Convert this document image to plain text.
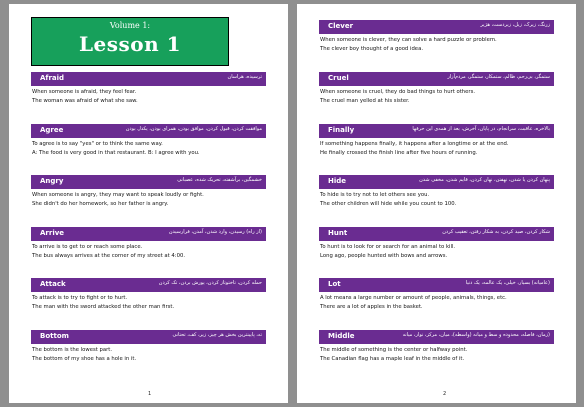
Volume 1:
Lesson 1
Afraid	ترسیده، هراسان
When someone is afraid, they feel fear.
The woman was afraid of what she saw.
Agree	موافقت کردن، قبول کردن، موافق بودن، همرای بودن، یکدل بودن
To agree is to say "yes" or to think the same way.
A: The food is very good in that restaurant. B: I agree with you.
Angry	خشمگین، برآشفته، تحریک شده، عصبانی
When someone is angry, they may want to speak loudly or fight.
She didn't do her homework, so her father is angry.
Arrive	(از راه) رسیدن، وارد شدن، آمدن، فرارسیدن
To arrive is to get to or reach some place.
The bus always arrives at the corner of my street at 4:00.
Attack	حمله کردن، تاختوتاز کردن، یورش بردن، تک کردن
To attack is to try to fight or to hurt.
The man with the sword attacked the other man first.
Bottom	ته، پایینترین بخش هر چیز، زیر، کف، تحتانی
The bottom is the lowest part.
The bottom of my shoe has a hole in it.
1
Clever	زرنگ، زیرک، زبل، زبردست، هژیر
When someone is clever, they can solve a hard puzzle or problem.
The clever boy thought of a good idea.
Cruel	ستمگر، بی‌رحم، ظالم، ستمکار، ستمگر، مردم‌آزار
When someone is cruel, they do bad things to hurt others.
The cruel man yelled at his sister.
Finally	بالاخره، عاقبت، سرانجام، در پایان، آخرش، بعد از همه‌ی این حرفها
If something happens finally, it happens after a longtime or at the end.
He finally crossed the finish line after five hours of running.
Hide	پنهان کردن یا شدن، نهفتن، نهان کردن، قایم شدن، مخفی شدن
To hide is to try not to let others see you.
The other children will hide while you count to 100.
Hunt	شکار کردن، صید کردن، به شکار رفتن، تعقیب کردن
To hunt is to look for or search for an animal to kill.
Long ago, people hunted with bows and arrows.
Lot	(عامیانه) بسیار، خیلی، یک عالمه، یک دنیا
A lot means a large number or amount of people, animals, things, etc.
There are a lot of apples in the basket.
Middle	(زمان، فاصله، محدوده و سط و میانه (واسطه)، میان، مرکز، نوار، میانه
The middle of something is the center or halfway point.
The Canadian flag has a maple leaf in the middle of it.
2
